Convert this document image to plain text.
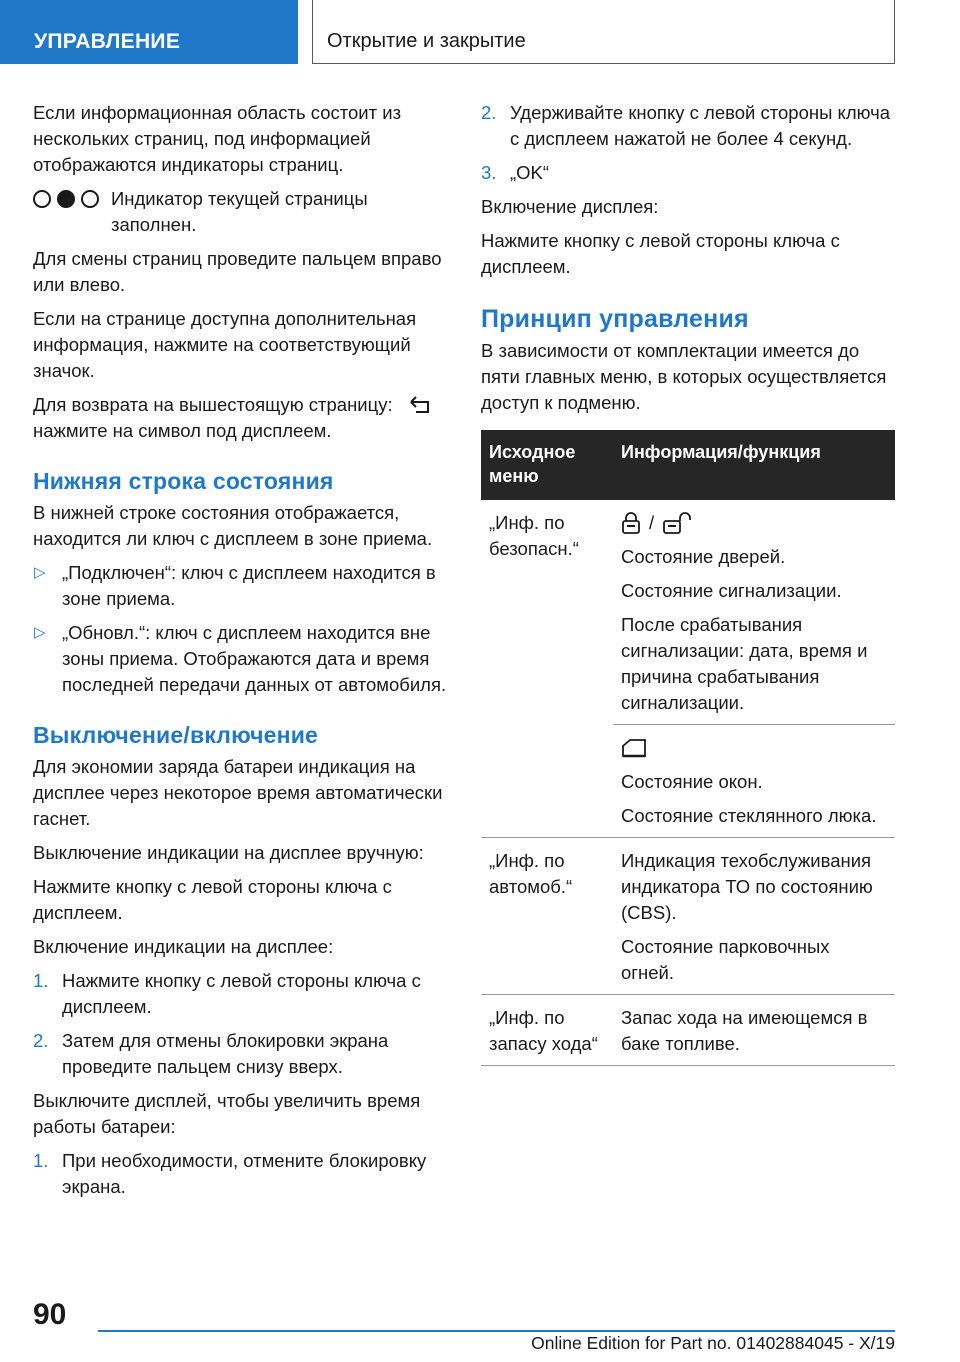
УПРАВЛЕНИЕ	Открытие и закрытие

Если информационная область состоит из нескольких страниц, под информацией отображаются индикаторы страниц.

Индикатор текущей страницы заполнен.

Для смены страниц проведите пальцем вправо или влево.

Если на странице доступна дополнительная информация, нажмите на соответствующий значок.

Для возврата на вышестоящую страницу:

нажмите на символ под дисплеем.

Нижняя строка состояния

В нижней строке состояния отображается, находится ли ключ с дисплеем в зоне приема.

▷ „Подключен“: ключ с дисплеем находится в зоне приема.
▷ „Обновл.“: ключ с дисплеем находится вне зоны приема. Отображаются дата и время последней передачи данных от автомобиля.
Выключение/включение

Для экономии заряда батареи индикация на дисплее через некоторое время автоматически гаснет.

Выключение индикации на дисплее вручную:

Нажмите кнопку с левой стороны ключа с дисплеем.

Включение индикации на дисплее:

1. Нажмите кнопку с левой стороны ключа с дисплеем.
2. Затем для отмены блокировки экрана проведите пальцем снизу вверх.

Выключите дисплей, чтобы увеличить время работы батареи:

1. При необходимости, отмените блокировку экрана.
2. Удерживайте кнопку с левой стороны ключа с дисплеем нажатой не более 4 секунд.
3. „OK“

Включение дисплея:

Нажмите кнопку с левой стороны ключа с дисплеем.

Принцип управления

В зависимости от комплектации имеется до пяти главных меню, в которых осуществляется доступ к подменю.

Исходное меню	Информация/функция
„Инф. по безопасн.“	/

Состояние дверей.

Состояние сигнализации.

После срабатывания сигнализации: дата, время и причина срабатывания сигнализации.

	Состояние окон.

Состояние стеклянного люка.

„Инф. по автомоб.“	Индикация техобслуживания индикатора ТО по состоянию (CBS).

Состояние парковочных огней.

„Инф. по запасу хода“	Запас хода на имеющемся в баке топливе.

90
Online Edition for Part no. 01402884045 - X/19
